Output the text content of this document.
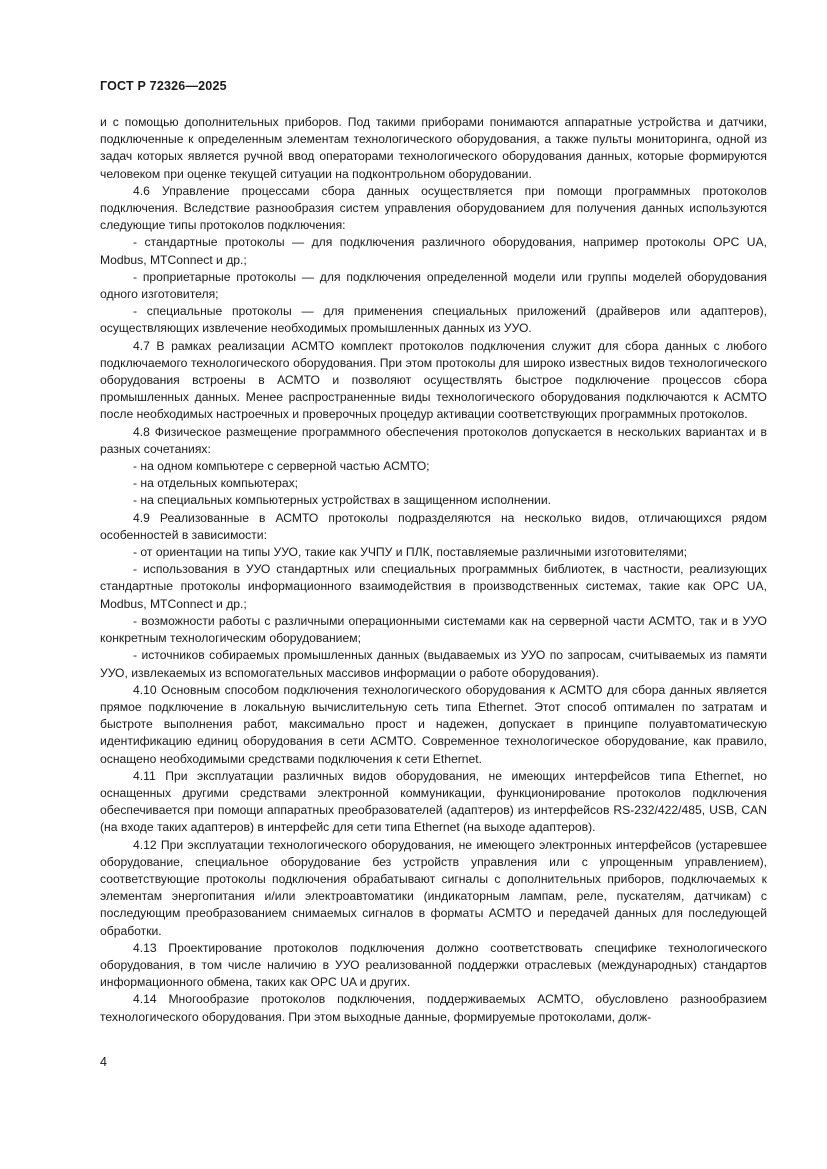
ГОСТ Р 72326—2025

и с помощью дополнительных приборов. Под такими приборами понимаются аппаратные устройства и датчики, подключенные к определенным элементам технологического оборудования, а также пульты мониторинга, одной из задач которых является ручной ввод операторами технологического оборудования данных, которые формируются человеком при оценке текущей ситуации на подконтрольном оборудовании.

4.6 Управление процессами сбора данных осуществляется при помощи программных протоколов подключения. Вследствие разнообразия систем управления оборудованием для получения данных используются следующие типы протоколов подключения:

- стандартные протоколы — для подключения различного оборудования, например протоколы OPC UA, Modbus, MTConnect и др.;

- проприетарные протоколы — для подключения определенной модели или группы моделей оборудования одного изготовителя;

- специальные протоколы — для применения специальных приложений (драйверов или адаптеров), осуществляющих извлечение необходимых промышленных данных из УУО.

4.7 В рамках реализации АСМТО комплект протоколов подключения служит для сбора данных с любого подключаемого технологического оборудования. При этом протоколы для широко известных видов технологического оборудования встроены в АСМТО и позволяют осуществлять быстрое подключение процессов сбора промышленных данных. Менее распространенные виды технологического оборудования подключаются к АСМТО после необходимых настроечных и проверочных процедур активации соответствующих программных протоколов.

4.8 Физическое размещение программного обеспечения протоколов допускается в нескольких вариантах и в разных сочетаниях:

- на одном компьютере с серверной частью АСМТО;

- на отдельных компьютерах;

- на специальных компьютерных устройствах в защищенном исполнении.

4.9 Реализованные в АСМТО протоколы подразделяются на несколько видов, отличающихся рядом особенностей в зависимости:

- от ориентации на типы УУО, такие как УЧПУ и ПЛК, поставляемые различными изготовителями;

- использования в УУО стандартных или специальных программных библиотек, в частности, реализующих стандартные протоколы информационного взаимодействия в производственных системах, такие как OPC UA, Modbus, MTConnect и др.;

- возможности работы с различными операционными системами как на серверной части АСМТО, так и в УУО конкретным технологическим оборудованием;

- источников собираемых промышленных данных (выдаваемых из УУО по запросам, считываемых из памяти УУО, извлекаемых из вспомогательных массивов информации о работе оборудования).

4.10 Основным способом подключения технологического оборудования к АСМТО для сбора данных является прямое подключение в локальную вычислительную сеть типа Ethernet. Этот способ оптимален по затратам и быстроте выполнения работ, максимально прост и надежен, допускает в принципе полуавтоматическую идентификацию единиц оборудования в сети АСМТО. Современное технологическое оборудование, как правило, оснащено необходимыми средствами подключения к сети Ethernet.

4.11 При эксплуатации различных видов оборудования, не имеющих интерфейсов типа Ethernet, но оснащенных другими средствами электронной коммуникации, функционирование протоколов подключения обеспечивается при помощи аппаратных преобразователей (адаптеров) из интерфейсов RS-232/422/485, USB, CAN (на входе таких адаптеров) в интерфейс для сети типа Ethernet (на выходе адаптеров).

4.12 При эксплуатации технологического оборудования, не имеющего электронных интерфейсов (устаревшее оборудование, специальное оборудование без устройств управления или с упрощенным управлением), соответствующие протоколы подключения обрабатывают сигналы с дополнительных приборов, подключаемых к элементам энергопитания и/или электроавтоматики (индикаторным лампам, реле, пускателям, датчикам) с последующим преобразованием снимаемых сигналов в форматы АСМТО и передачей данных для последующей обработки.

4.13 Проектирование протоколов подключения должно соответствовать специфике технологического оборудования, в том числе наличию в УУО реализованной поддержки отраслевых (международных) стандартов информационного обмена, таких как OPC UA и других.

4.14 Многообразие протоколов подключения, поддерживаемых АСМТО, обусловлено разнообразием технологического оборудования. При этом выходные данные, формируемые протоколами, долж-

4
